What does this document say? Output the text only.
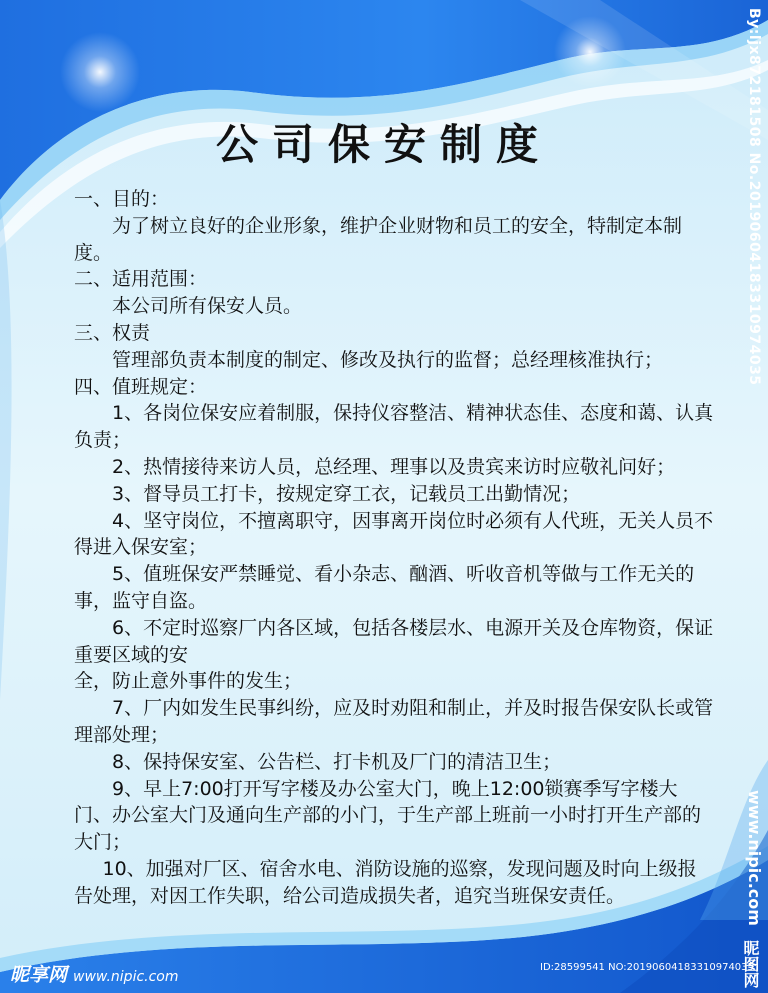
公司保安制度

一、目的：

为了树立良好的企业形象，维护企业财物和员工的安全，特制定本制度。

二、适用范围：

本公司所有保安人员。

三、权责

管理部负责本制度的制定、修改及执行的监督；总经理核准执行；

四、值班规定：

1、各岗位保安应着制服，保持仪容整洁、精神状态佳、态度和蔼、认真负责；

2、热情接待来访人员，总经理、理事以及贵宾来访时应敬礼问好；

3、督导员工打卡，按规定穿工衣，记载员工出勤情况；

4、坚守岗位，不擅离职守，因事离开岗位时必须有人代班，无关人员不得进入保安室；

5、值班保安严禁睡觉、看小杂志、酗酒、听收音机等做与工作无关的事，监守自盗。

6、不定时巡察厂内各区域，包括各楼层水、电源开关及仓库物资，保证重要区域的安

全，防止意外事件的发生；

7、厂内如发生民事纠纷，应及时劝阻和制止，并及时报告保安队长或管理部处理；

8、保持保安室、公告栏、打卡机及厂门的清洁卫生；

9、早上7:00打开写字楼及办公室大门，晚上12:00锁赛季写字楼大门、办公室大门及通向生产部的小门，于生产部上班前一小时打开生产部的大门；

10、加强对厂区、宿舍水电、消防设施的巡察，发现问题及时向上级报告处理，对因工作失职，给公司造成损失者，追究当班保安责任。

By:ljx872181508 No.20190604183310974035
www.nipic.com
昵图网
昵享网 www.nipic.com
ID:28599541 NO:20190604183310974035
